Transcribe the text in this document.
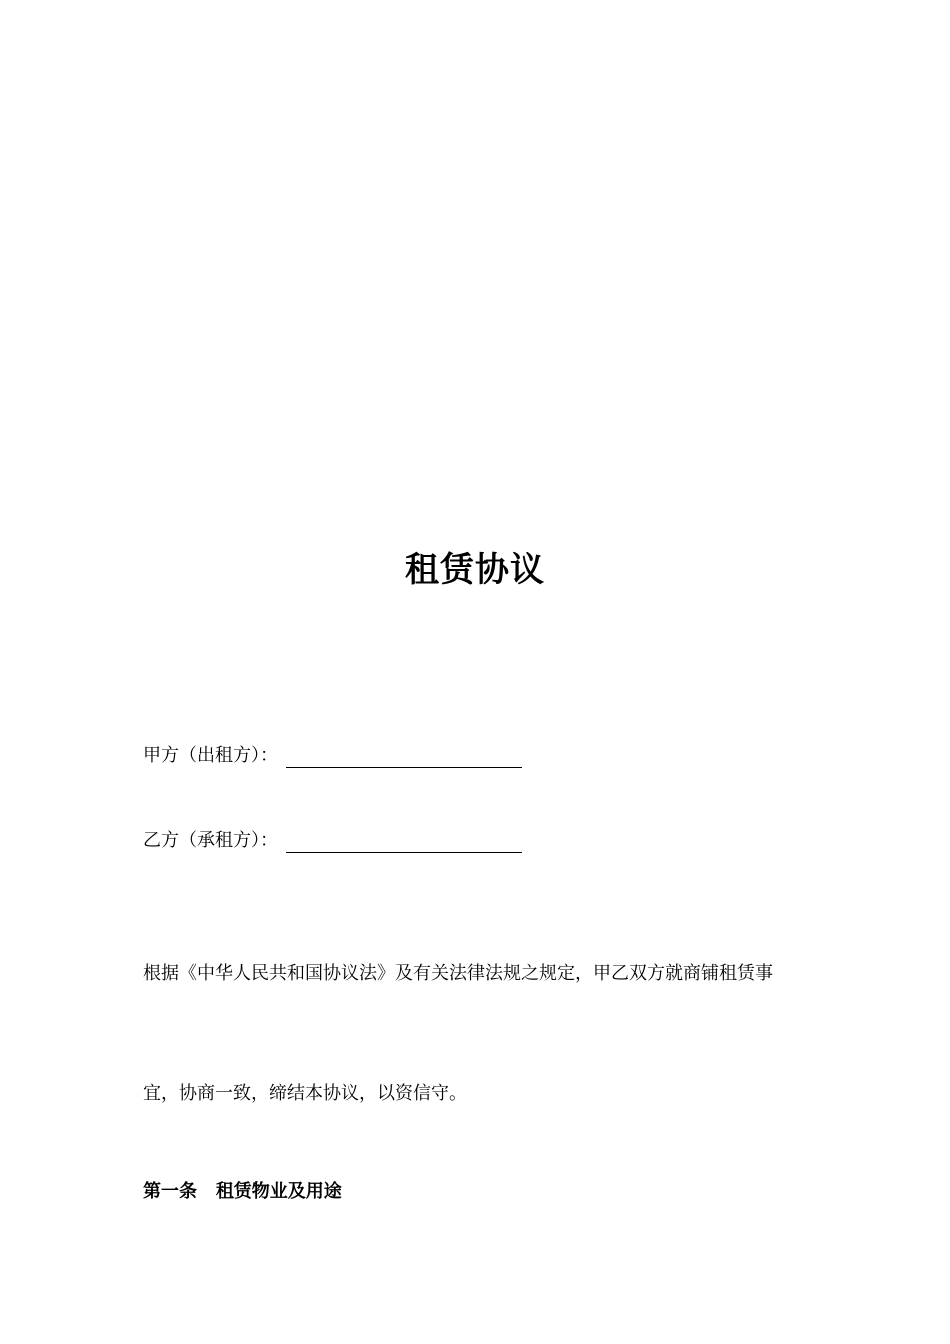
租赁协议
甲方（出租方）：
乙方（承租方）：
根据《中华人民共和国协议法》及有关法律法规之规定，甲乙双方就商铺租赁事
宜，协商一致，缔结本协议，以资信守。
第一条 租赁物业及用途
